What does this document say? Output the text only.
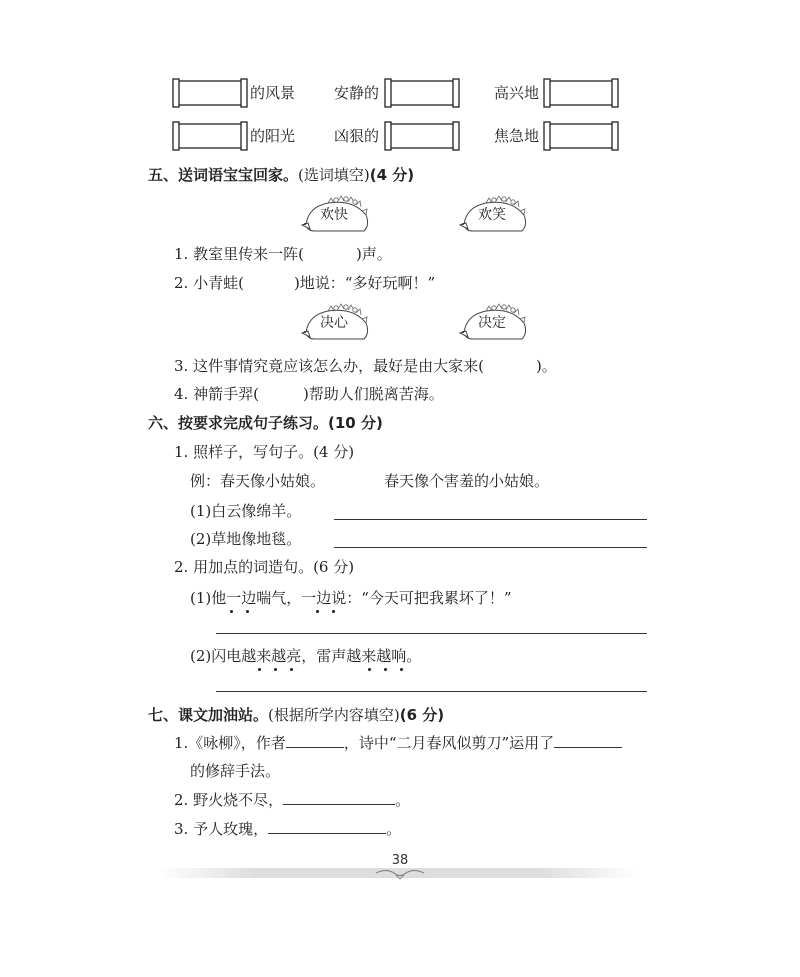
的风景	安静的	高兴地
的阳光	凶狠的	焦急地
五、送词语宝宝回家。(选词填空)(4 分)
欢快	欢笑
1. 教室里传来一阵(	)声。
2. 小青蛙(	)地说：“多好玩啊！”
决心	决定
3. 这件事情究竟应该怎么办，最好是由大家来(	)。
4. 神箭手羿(	)帮助人们脱离苦海。
六、按要求完成句子练习。(10 分)
1. 照样子，写句子。(4 分)
例：春天像小姑娘。	春天像个害羞的小姑娘。
(1)白云像绵羊。
(2)草地像地毯。
2. 用加点的词造句。(6 分)
(1)他一边喘气，一边说：“今天可把我累坏了！”
(2)闪电越来越亮，雷声越来越响。
七、课文加油站。(根据所学内容填空)(6 分)
1.《咏柳》，作者	，诗中“二月春风似剪刀”运用了
的修辞手法。
2. 野火烧不尽，	。
3. 予人玫瑰，	。
38
